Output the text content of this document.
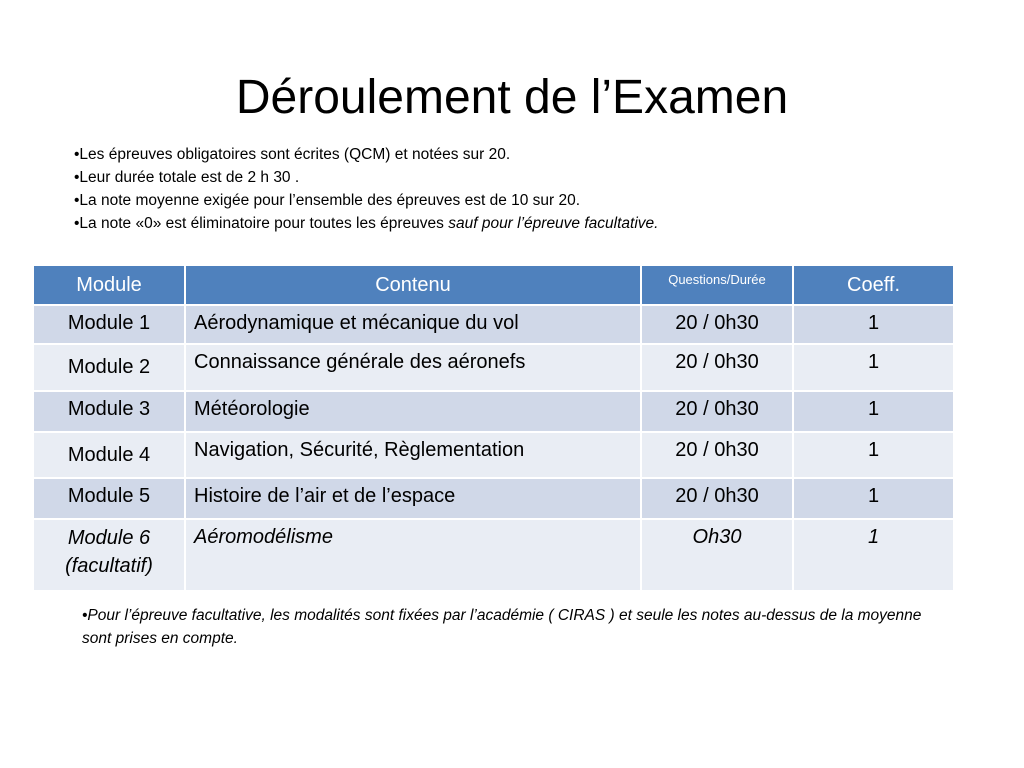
Déroulement de l’Examen
•Les épreuves obligatoires sont écrites (QCM) et notées sur 20.
•Leur durée totale est de 2 h 30 .
•La note moyenne exigée pour l’ensemble des épreuves est de 10 sur 20.
•La note «0» est éliminatoire pour toutes les épreuves sauf pour l’épreuve facultative.
Module	Contenu	Questions/Durée	Coeff.
Module 1	Aérodynamique et mécanique du vol	20 / 0h30	1
Module 2	Connaissance générale des aéronefs	20 / 0h30	1
Module 3	Météorologie	20 / 0h30	1
Module 4	Navigation, Sécurité, Règlementation	20 / 0h30	1
Module 5	Histoire de l’air et de l’espace	20 / 0h30	1
Module 6 (facultatif)	Aéromodélisme	Oh30	1
•Pour l’épreuve facultative, les modalités sont fixées par l’académie ( CIRAS ) et seule les notes au-dessus de la moyenne sont prises en compte.
